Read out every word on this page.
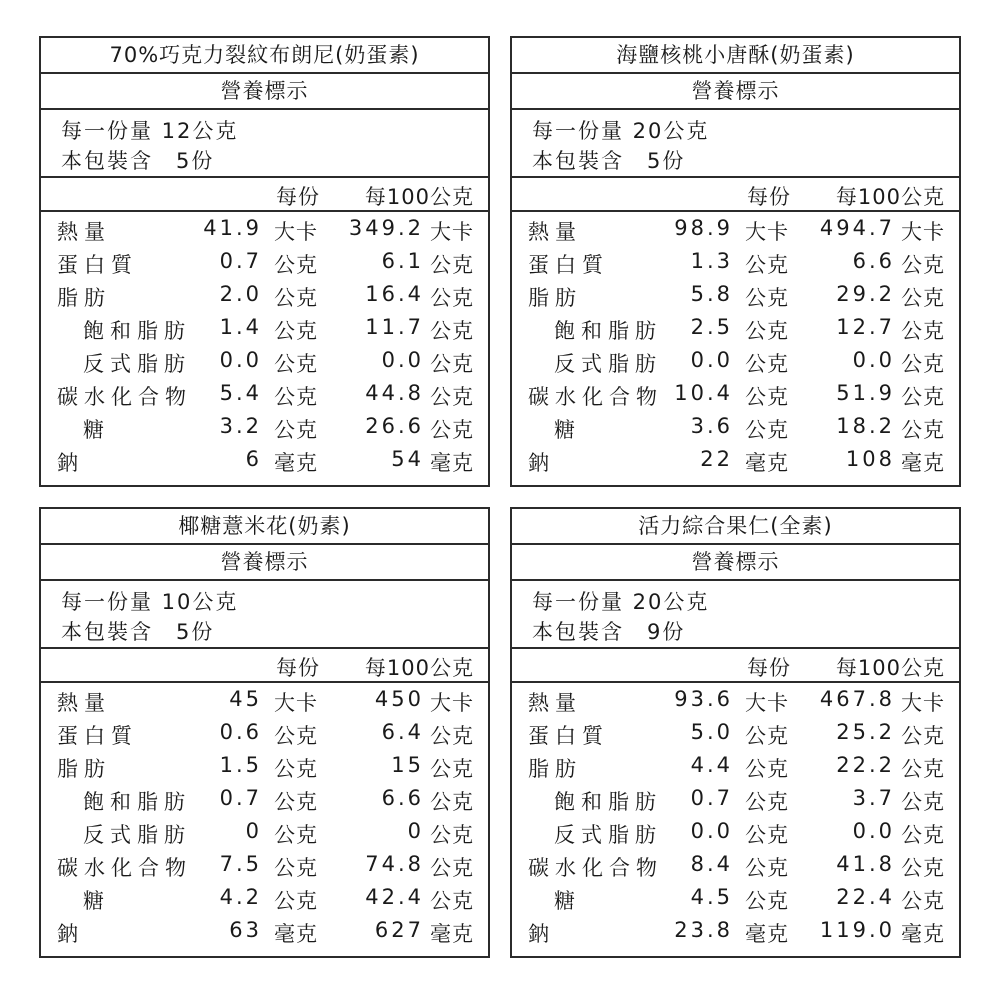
70%巧克力裂紋布朗尼(奶蛋素)
營養標示
每一份量 12公克
本包裝含　5份
每份 每100公克
熱量	41.9 大卡 349.2 大卡
蛋白質	0.7 公克	6.1 公克
脂肪	2.0 公克 16.4 公克
飽和脂肪 1.4 公克 11.7 公克
反式脂肪 0.0 公克	0.0 公克
碳水化合物 5.4 公克 44.8 公克
糖	3.2 公克 26.6 公克
鈉	6 毫克	54 毫克
海鹽核桃小唐酥(奶蛋素)
營養標示
每一份量 20公克
本包裝含　5份
每份 每100公克
熱量	98.9 大卡 494.7 大卡
蛋白質	1.3 公克	6.6 公克
脂肪	5.8 公克 29.2 公克
飽和脂肪 2.5 公克 12.7 公克
反式脂肪 0.0 公克	0.0 公克
碳水化合物 10.4 公克 51.9 公克
糖	3.6 公克 18.2 公克
鈉	22 毫克	108 毫克
椰糖薏米花(奶素)
營養標示
每一份量 10公克
本包裝含　5份
每份 每100公克
熱量	45 大卡	450 大卡
蛋白質	0.6 公克	6.4 公克
脂肪	1.5 公克	15 公克
飽和脂肪 0.7 公克	6.6 公克
反式脂肪	0 公克	0 公克
碳水化合物 7.5 公克 74.8 公克
糖	4.2 公克 42.4 公克
鈉	63 毫克	627 毫克
活力綜合果仁(全素)
營養標示
每一份量 20公克
本包裝含　9份
每份 每100公克
熱量	93.6 大卡 467.8 大卡
蛋白質	5.0 公克 25.2 公克
脂肪	4.4 公克 22.2 公克
飽和脂肪 0.7 公克	3.7 公克
反式脂肪 0.0 公克	0.0 公克
碳水化合物 8.4 公克 41.8 公克
糖	4.5 公克 22.4 公克
鈉	23.8 毫克 119.0 毫克
